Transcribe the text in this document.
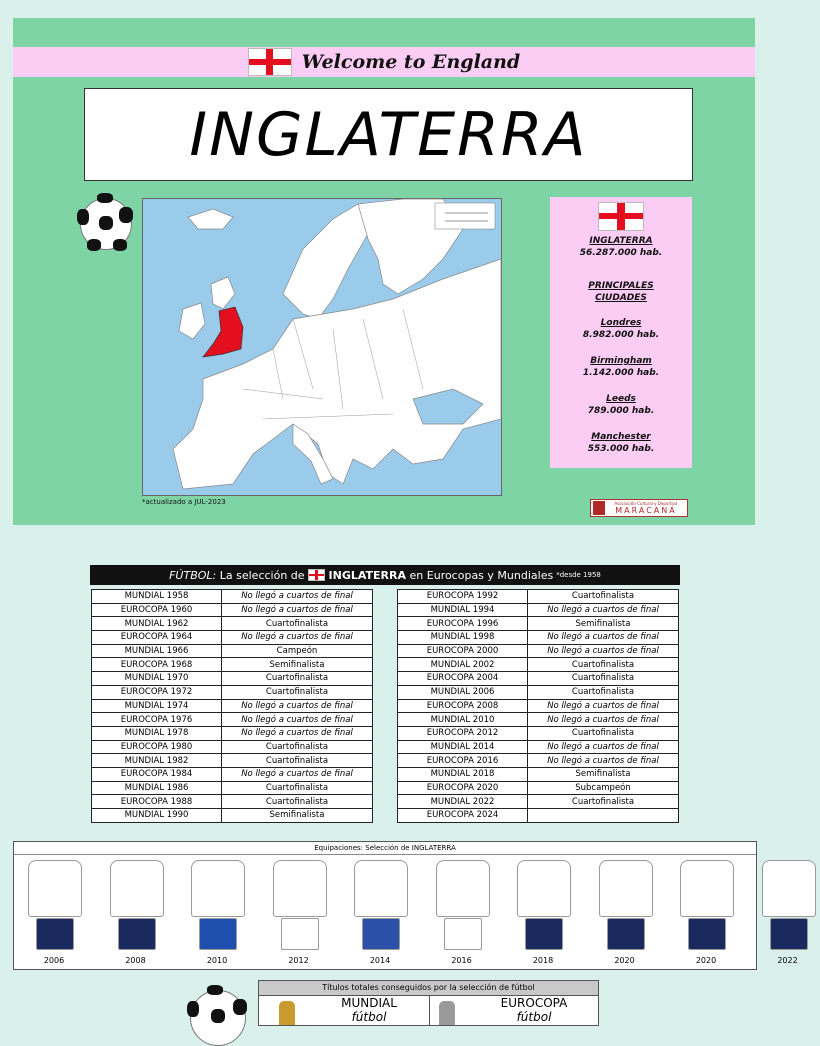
Welcome to England
INGLATERRA
*actualizado a JUL-2023

INGLATERRA

56.287.000 hab.

PRINCIPALES CIUDADES

Londres

8.982.000 hab.

Birmingham

1.142.000 hab.

Leeds

789.000 hab.

Manchester

553.000 hab.

Asociación Cultural y Deportiva
MARACANÁ
FÚTBOL:
La selección de

INGLATERRA
en Eurocopas y Mundiales *desde 1958
MUNDIAL 1958	No llegó a cuartos de final
EUROCOPA 1960	No llegó a cuartos de final
MUNDIAL 1962	Cuartofinalista
EUROCOPA 1964	No llegó a cuartos de final
MUNDIAL 1966	Campeón
EUROCOPA 1968	Semifinalista
MUNDIAL 1970	Cuartofinalista
EUROCOPA 1972	Cuartofinalista
MUNDIAL 1974	No llegó a cuartos de final
EUROCOPA 1976	No llegó a cuartos de final
MUNDIAL 1978	No llegó a cuartos de final
EUROCOPA 1980	Cuartofinalista
MUNDIAL 1982	Cuartofinalista
EUROCOPA 1984	No llegó a cuartos de final
MUNDIAL 1986	Cuartofinalista
EUROCOPA 1988	Cuartofinalista
MUNDIAL 1990	Semifinalista
EUROCOPA 1992	Cuartofinalista
MUNDIAL 1994	No llegó a cuartos de final
EUROCOPA 1996	Semifinalista
MUNDIAL 1998	No llegó a cuartos de final
EUROCOPA 2000	No llegó a cuartos de final
MUNDIAL 2002	Cuartofinalista
EUROCOPA 2004	Cuartofinalista
MUNDIAL 2006	Cuartofinalista
EUROCOPA 2008	No llegó a cuartos de final
MUNDIAL 2010	No llegó a cuartos de final
EUROCOPA 2012	Cuartofinalista
MUNDIAL 2014	No llegó a cuartos de final
EUROCOPA 2016	No llegó a cuartos de final
MUNDIAL 2018	Semifinalista
EUROCOPA 2020	Subcampeón
MUNDIAL 2022	Cuartofinalista
EUROCOPA 2024	
Equipaciones: Selección de INGLATERRA
2006	2008	2010	2012	2014	2016	2018	2020	2020	2022
Títulos totales conseguidos por la selección de fútbol
MUNDIAL
fútbol
EUROCOPA
fútbol
